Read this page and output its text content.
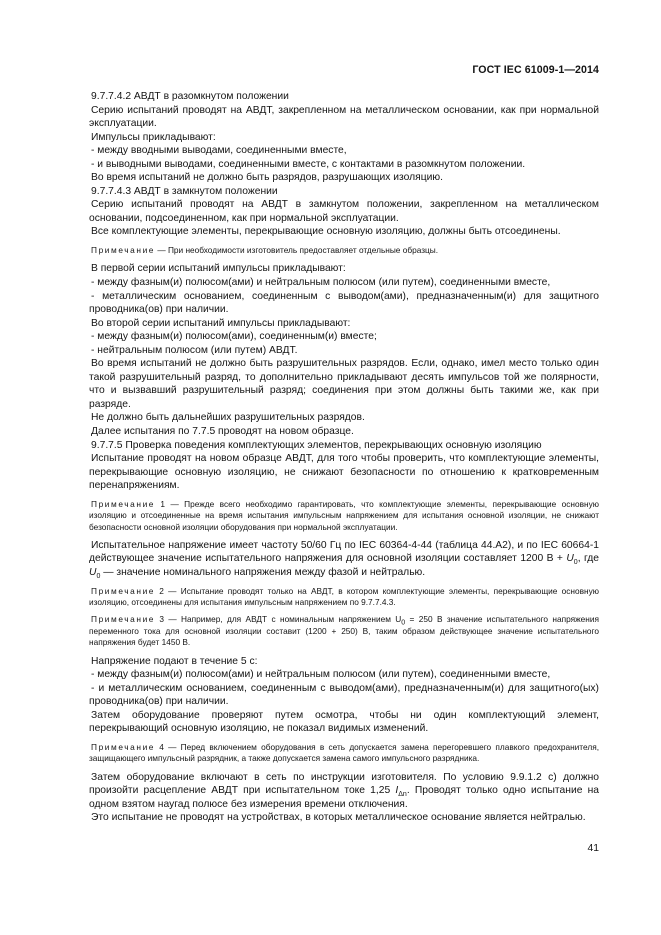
ГОСТ IEC 61009-1—2014

9.7.7.4.2 АВДТ в разомкнутом положении

Серию испытаний проводят на АВДТ, закрепленном на металлическом основании, как при нормальной эксплуатации.

Импульсы прикладывают:

- между вводными выводами, соединенными вместе,

- и выводными выводами, соединенными вместе, с контактами в разомкнутом положении.

Во время испытаний не должно быть разрядов, разрушающих изоляцию.

9.7.7.4.3 АВДТ в замкнутом положении

Серию испытаний проводят на АВДТ в замкнутом положении, закрепленном на металлическом основании, подсоединенном, как при нормальной эксплуатации.

Все комплектующие элементы, перекрывающие основную изоляцию, должны быть отсоединены.

Примечание — При необходимости изготовитель предоставляет отдельные образцы.

В первой серии испытаний импульсы прикладывают:

- между фазным(и) полюсом(ами) и нейтральным полюсом (или путем), соединенными вместе,

- металлическим основанием, соединенным с выводом(ами), предназначенным(и) для защитного проводника(ов) при наличии.

Во второй серии испытаний импульсы прикладывают:

- между фазным(и) полюсом(ами), соединенным(и) вместе;

- нейтральным полюсом (или путем) АВДТ.

Во время испытаний не должно быть разрушительных разрядов. Если, однако, имел место только один такой разрушительный разряд, то дополнительно прикладывают десять импульсов той же полярности, что и вызвавший разрушительный разряд; соединения при этом должны быть такими же, как при разряде.

Не должно быть дальнейших разрушительных разрядов.

Далее испытания по 7.7.5 проводят на новом образце.

9.7.7.5 Проверка поведения комплектующих элементов, перекрывающих основную изоляцию

Испытание проводят на новом образце АВДТ, для того чтобы проверить, что комплектующие элементы, перекрывающие основную изоляцию, не снижают безопасности по отношению к кратковременным перенапряжениям.

Примечание 1 — Прежде всего необходимо гарантировать, что комплектующие элементы, перекрывающие основную изоляцию и отсоединенные на время испытания импульсным напряжением для испытания основной изоляции, не снижают безопасности основной изоляции оборудования при нормальной эксплуатации.

Испытательное напряжение имеет частоту 50/60 Гц по IEC 60364-4-44 (таблица 44.А2), и по IEC 60664-1 действующее значение испытательного напряжения для основной изоляции составляет 1200 $В + U_0$, где $U_0$ — значение номинального напряжения между фазой и нейтралью.

Примечание 2 — Испытание проводят только на АВДТ, в котором комплектующие элементы, перекрывающие основную изоляцию, отсоединены для испытания импульсным напряжением по 9.7.7.4.3.

Примечание 3 — Например, для АВДТ с номинальным напряжением $U_0 = 250$ В значение испытательного напряжения переменного тока для основной изоляции составит (1200 + 250) В, таким образом действующее значение испытательного напряжения будет 1450 В.

Напряжение подают в течение 5 с:

- между фазным(и) полюсом(ами) и нейтральным полюсом (или путем), соединенными вместе,

- и металлическим основанием, соединенным с выводом(ами), предназначенным(и) для защитного(ых) проводника(ов) при наличии.

Затем оборудование проверяют путем осмотра, чтобы ни один комплектующий элемент, перекрывающий основную изоляцию, не показал видимых изменений.

Примечание 4 — Перед включением оборудования в сеть допускается замена перегоревшего плавкого предохранителя, защищающего импульсный разрядник, а также допускается замена самого импульсного разрядника.

Затем оборудование включают в сеть по инструкции изготовителя. По условию 9.9.1.2 с) должно произойти расцепление АВДТ при испытательном токе 1,25 $I_{\Delta n}$. Проводят только одно испытание на одном взятом наугад полюсе без измерения времени отключения.

Это испытание не проводят на устройствах, в которых металлическое основание является нейтралью.

41
